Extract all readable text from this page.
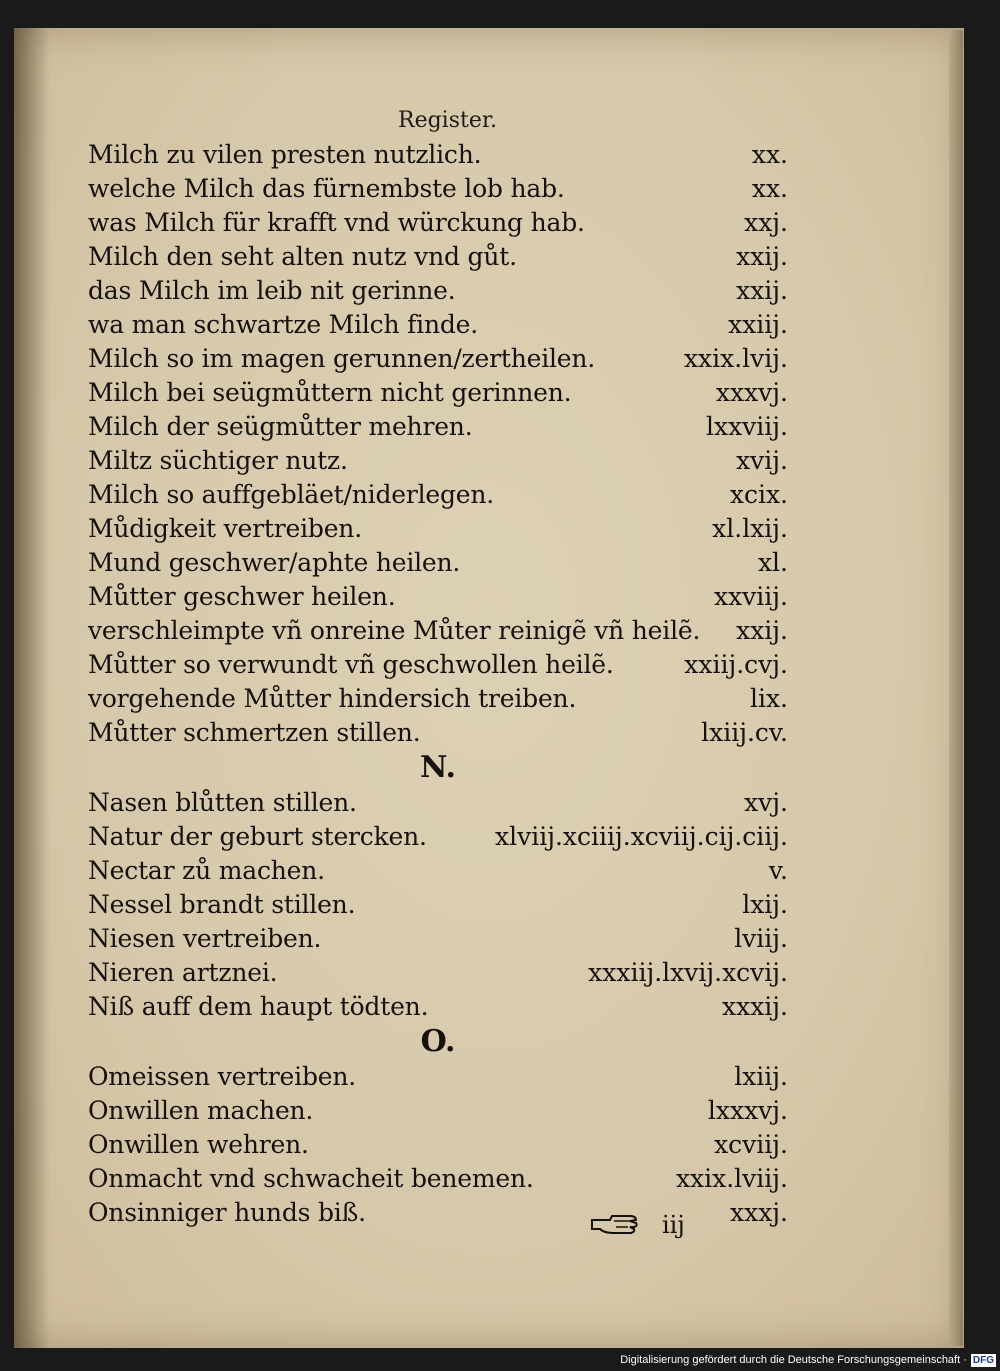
Register.
Milch zu vilen presten nutzlich.	xx.
welche Milch das fürnembste lob hab.	xx.
was Milch für krafft vnd würckung hab.	xxj.
Milch den seht alten nutz vnd gůt.	xxij.
das Milch im leib nit gerinne.	xxij.
wa man schwartze Milch finde.	xxiij.
Milch so im magen gerunnen/zertheilen.	xxix.lvij.
Milch bei seügmůttern nicht gerinnen.	xxxvj.
Milch der seügmůtter mehren.	lxxviij.
Miltz süchtiger nutz.	xvij.
Milch so auffgebläet/niderlegen.	xcix.
Můdigkeit vertreiben.	xl.lxij.
Mund geschwer/aphte heilen.	xl.
Můtter geschwer heilen.	xxviij.
verschleimpte vñ onreine Můter reinigẽ vñ heilẽ. xxij.
Můtter so verwundt vñ geschwollen heilẽ.	xxiij.cvj.
vorgehende Můtter hindersich treiben.	lix.
Můtter schmertzen stillen.	lxiij.cv.
N.
Nasen blůtten stillen.	xvj.
Natur der geburt stercken.	xlviij.xciiij.xcviij.cij.ciij.
Nectar zů machen.	v.
Nessel brandt stillen.	lxij.
Niesen vertreiben.	lviij.
Nieren artznei.	xxxiij.lxvij.xcvij.
Niß auff dem haupt tödten.	xxxij.
O.
Omeissen vertreiben.	lxiij.
Onwillen machen.	lxxxvj.
Onwillen wehren.	xcviij.
Onmacht vnd schwacheit benemen.	xxix.lviij.
Onsinniger hunds biß.	xxxj.
iij
Digitalisierung gefördert durch die Deutsche Forschungsgemeinschaft · DFG
